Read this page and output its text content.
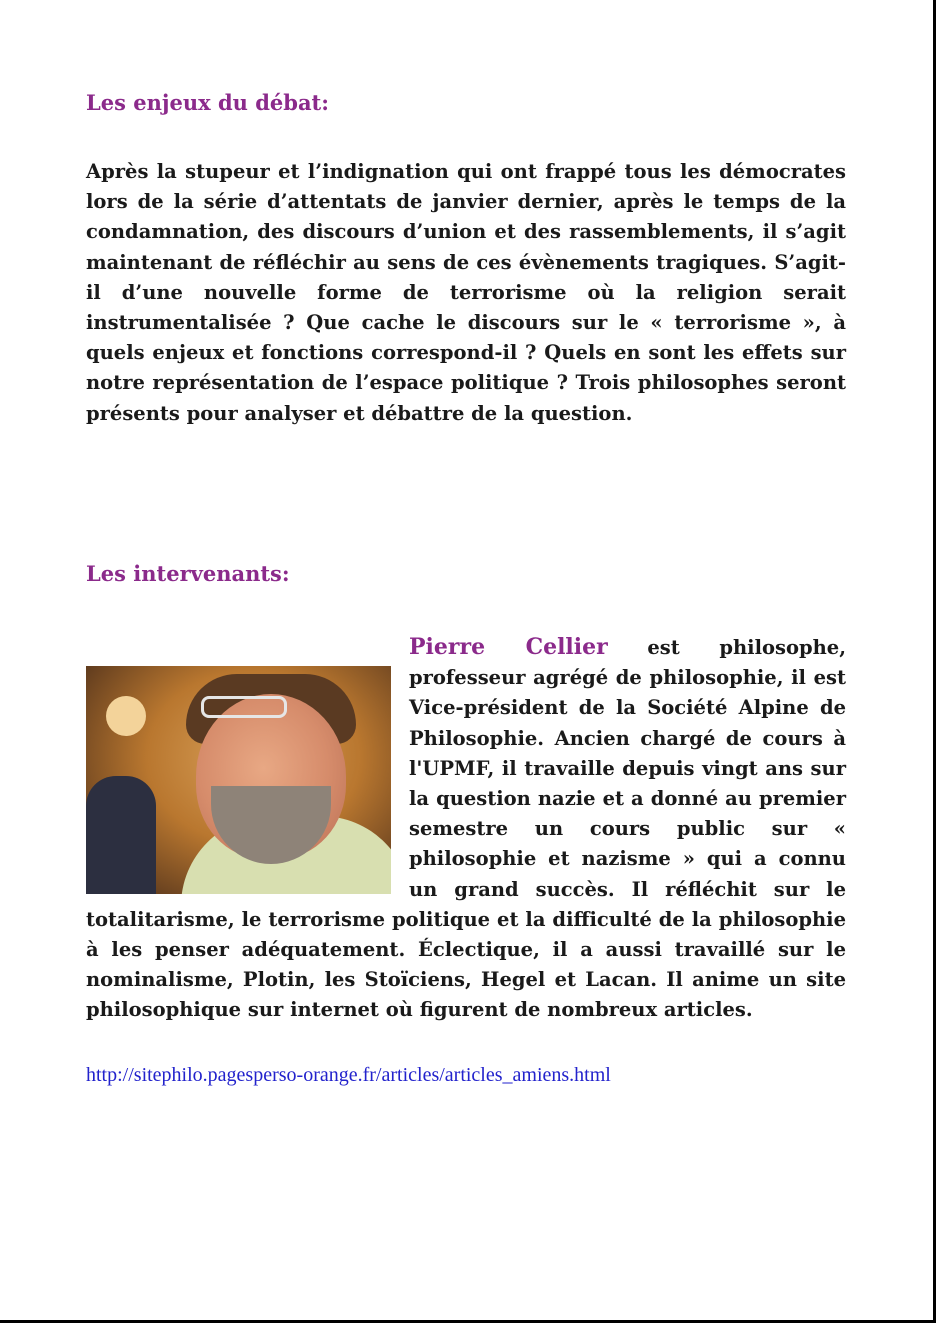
Les enjeux du débat:

Après la stupeur et l’indignation qui ont frappé tous les démocrates lors de la série d’attentats de janvier dernier, après le temps de la condamnation, des discours d’union et des rassemblements, il s’agit maintenant de réfléchir au sens de ces évènements tragiques. S’agit-il d’une nouvelle forme de terrorisme où la religion serait instrumentalisée ? Que cache le discours sur le « terrorisme », à quels enjeux et fonctions correspond-il ? Quels en sont les effets sur notre représentation de l’espace politique ? Trois philosophes seront présents pour analyser et débattre de la question.

Les intervenants:
Pierre Cellier est philosophe, professeur agrégé de philosophie, il est Vice-président de la Société Alpine de Philosophie. Ancien chargé de cours à l'UPMF, il travaille depuis vingt ans sur la question nazie et a donné au premier semestre un cours public sur « philosophie et nazisme » qui a connu un grand succès. Il réfléchit sur le totalitarisme, le terrorisme politique et la difficulté de la philosophie à les penser adéquatement. Éclectique, il a aussi travaillé sur le nominalisme, Plotin, les Stoïciens, Hegel et Lacan. Il anime un site philosophique sur internet où figurent de nombreux articles.
http://sitephilo.pagesperso-orange.fr/articles/articles_amiens.html
